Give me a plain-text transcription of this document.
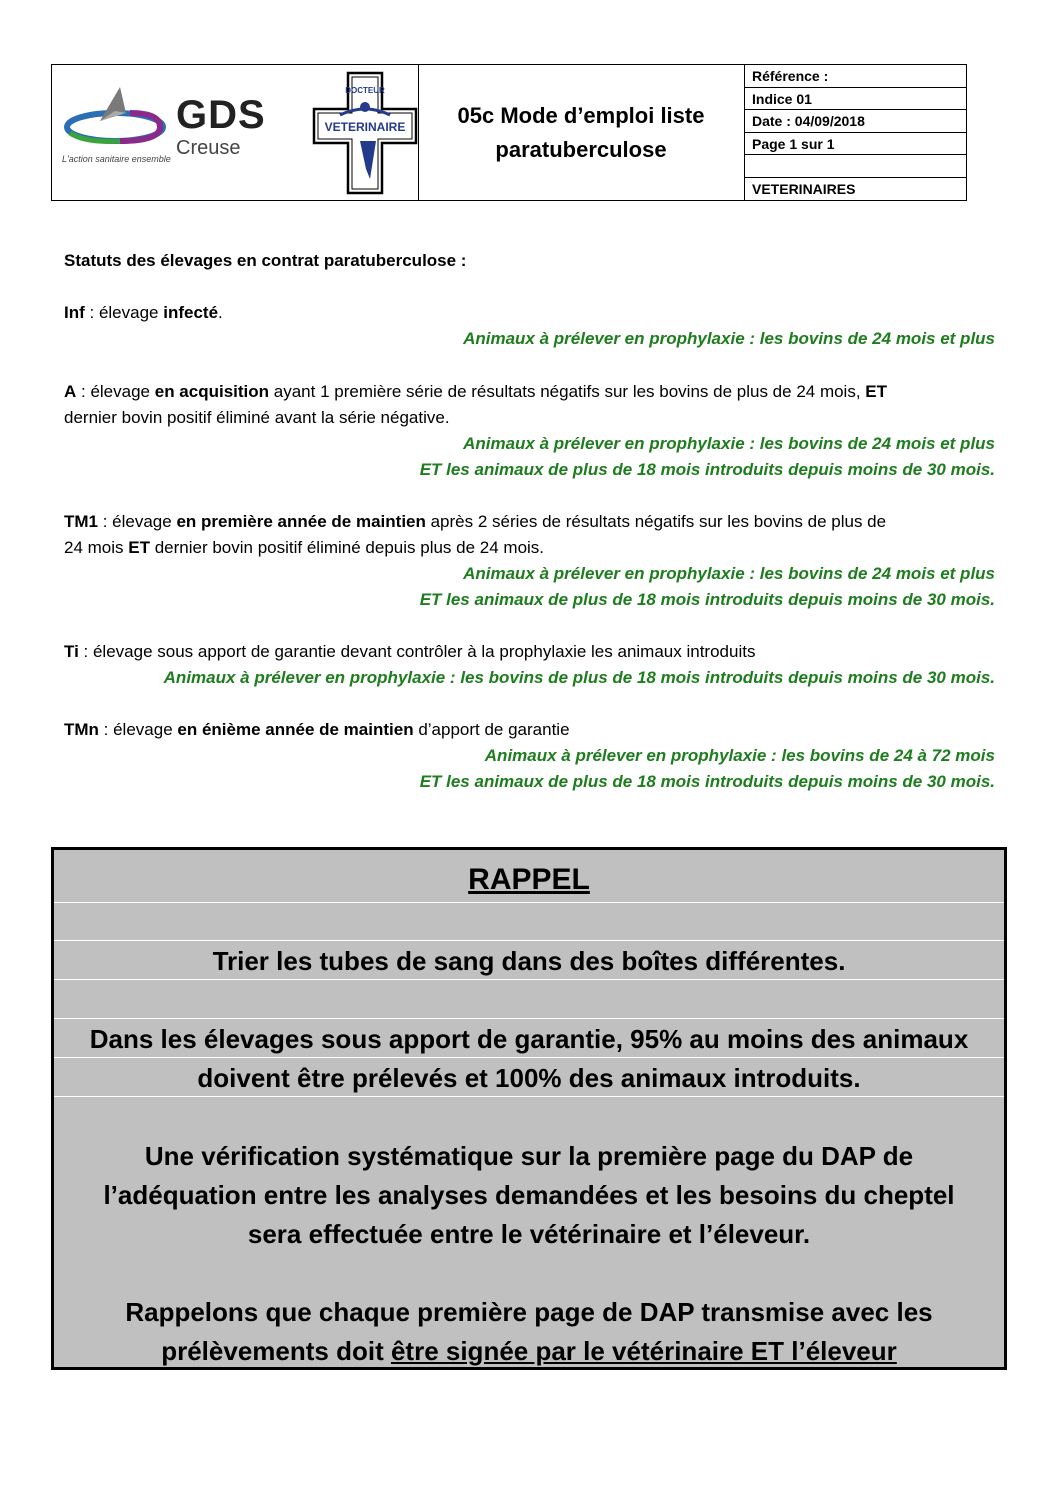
GDS
Creuse
L'action sanitaire ensemble
DOCTEUR
VETERINAIRE 05c Mode d’emploi liste
paratuberculose
Référence :
Indice 01
Date : 04/09/2018
Page 1 sur 1
VETERINAIRES

Statuts des élevages en contrat paratuberculose :

Inf : élevage infecté.

Animaux à prélever en prophylaxie : les bovins de 24 mois et plus

A : élevage en acquisition ayant 1 première série de résultats négatifs sur les bovins de plus de 24 mois, ET

dernier bovin positif éliminé avant la série négative.

Animaux à prélever en prophylaxie : les bovins de 24 mois et plus

ET les animaux de plus de 18 mois introduits depuis moins de 30 mois.

TM1 : élevage en première année de maintien après 2 séries de résultats négatifs sur les bovins de plus de

24 mois ET dernier bovin positif éliminé depuis plus de 24 mois.

Animaux à prélever en prophylaxie : les bovins de 24 mois et plus

ET les animaux de plus de 18 mois introduits depuis moins de 30 mois.

Ti : élevage sous apport de garantie devant contrôler à la prophylaxie les animaux introduits

Animaux à prélever en prophylaxie : les bovins de plus de 18 mois introduits depuis moins de 30 mois.

TMn : élevage en énième année de maintien d’apport de garantie

Animaux à prélever en prophylaxie : les bovins de 24 à 72 mois

ET les animaux de plus de 18 mois introduits depuis moins de 30 mois.

RAPPEL
Trier les tubes de sang dans des boîtes différentes.
Dans les élevages sous apport de garantie, 95% au moins des animaux
doivent être prélevés et 100% des animaux introduits.
Une vérification systématique sur la première page du DAP de
l’adéquation entre les analyses demandées et les besoins du cheptel
sera effectuée entre le vétérinaire et l’éleveur.
Rappelons que chaque première page de DAP transmise avec les
prélèvements doit être signée par le vétérinaire ET l’éleveur
